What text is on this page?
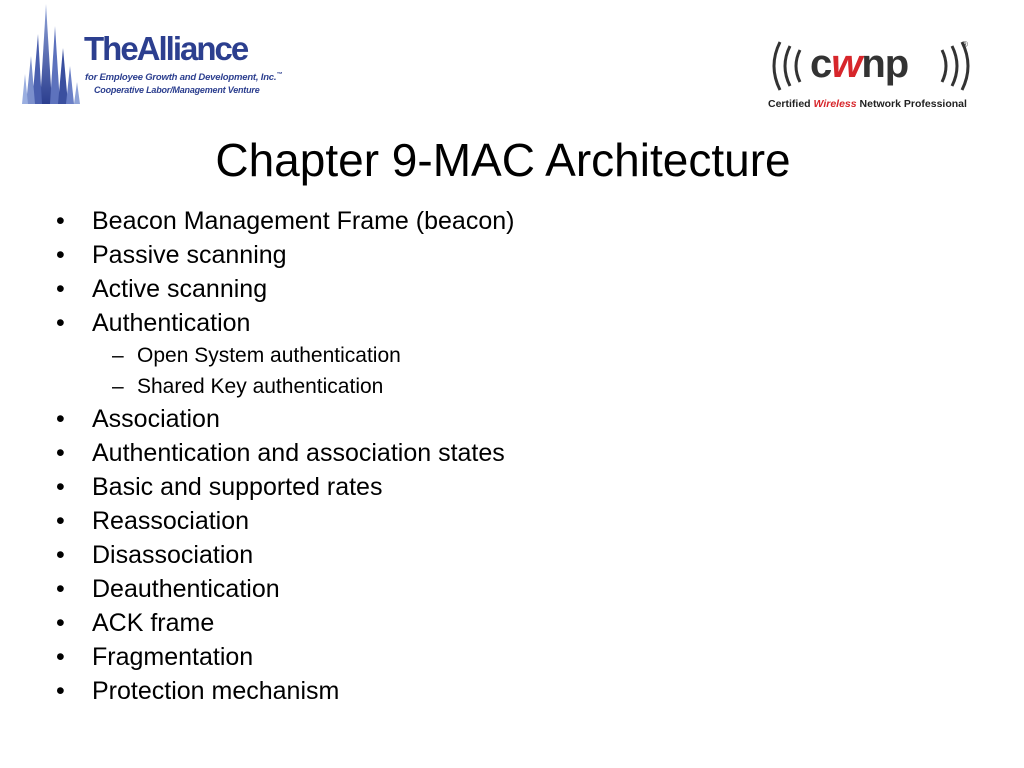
TheAlliance
for Employee Growth and Development, Inc.™
Cooperative Labor/Management Venture
cwnp	®
Certified Wireless Network Professional
Chapter 9-MAC Architecture
•	Beacon Management Frame (beacon)
•	Passive scanning
•	Active scanning
•	Authentication
– Open System authentication
– Shared Key authentication
•	Association
•	Authentication and association states
•	Basic and supported rates
•	Reassociation
•	Disassociation
•	Deauthentication
•	ACK frame
•	Fragmentation
•	Protection mechanism
